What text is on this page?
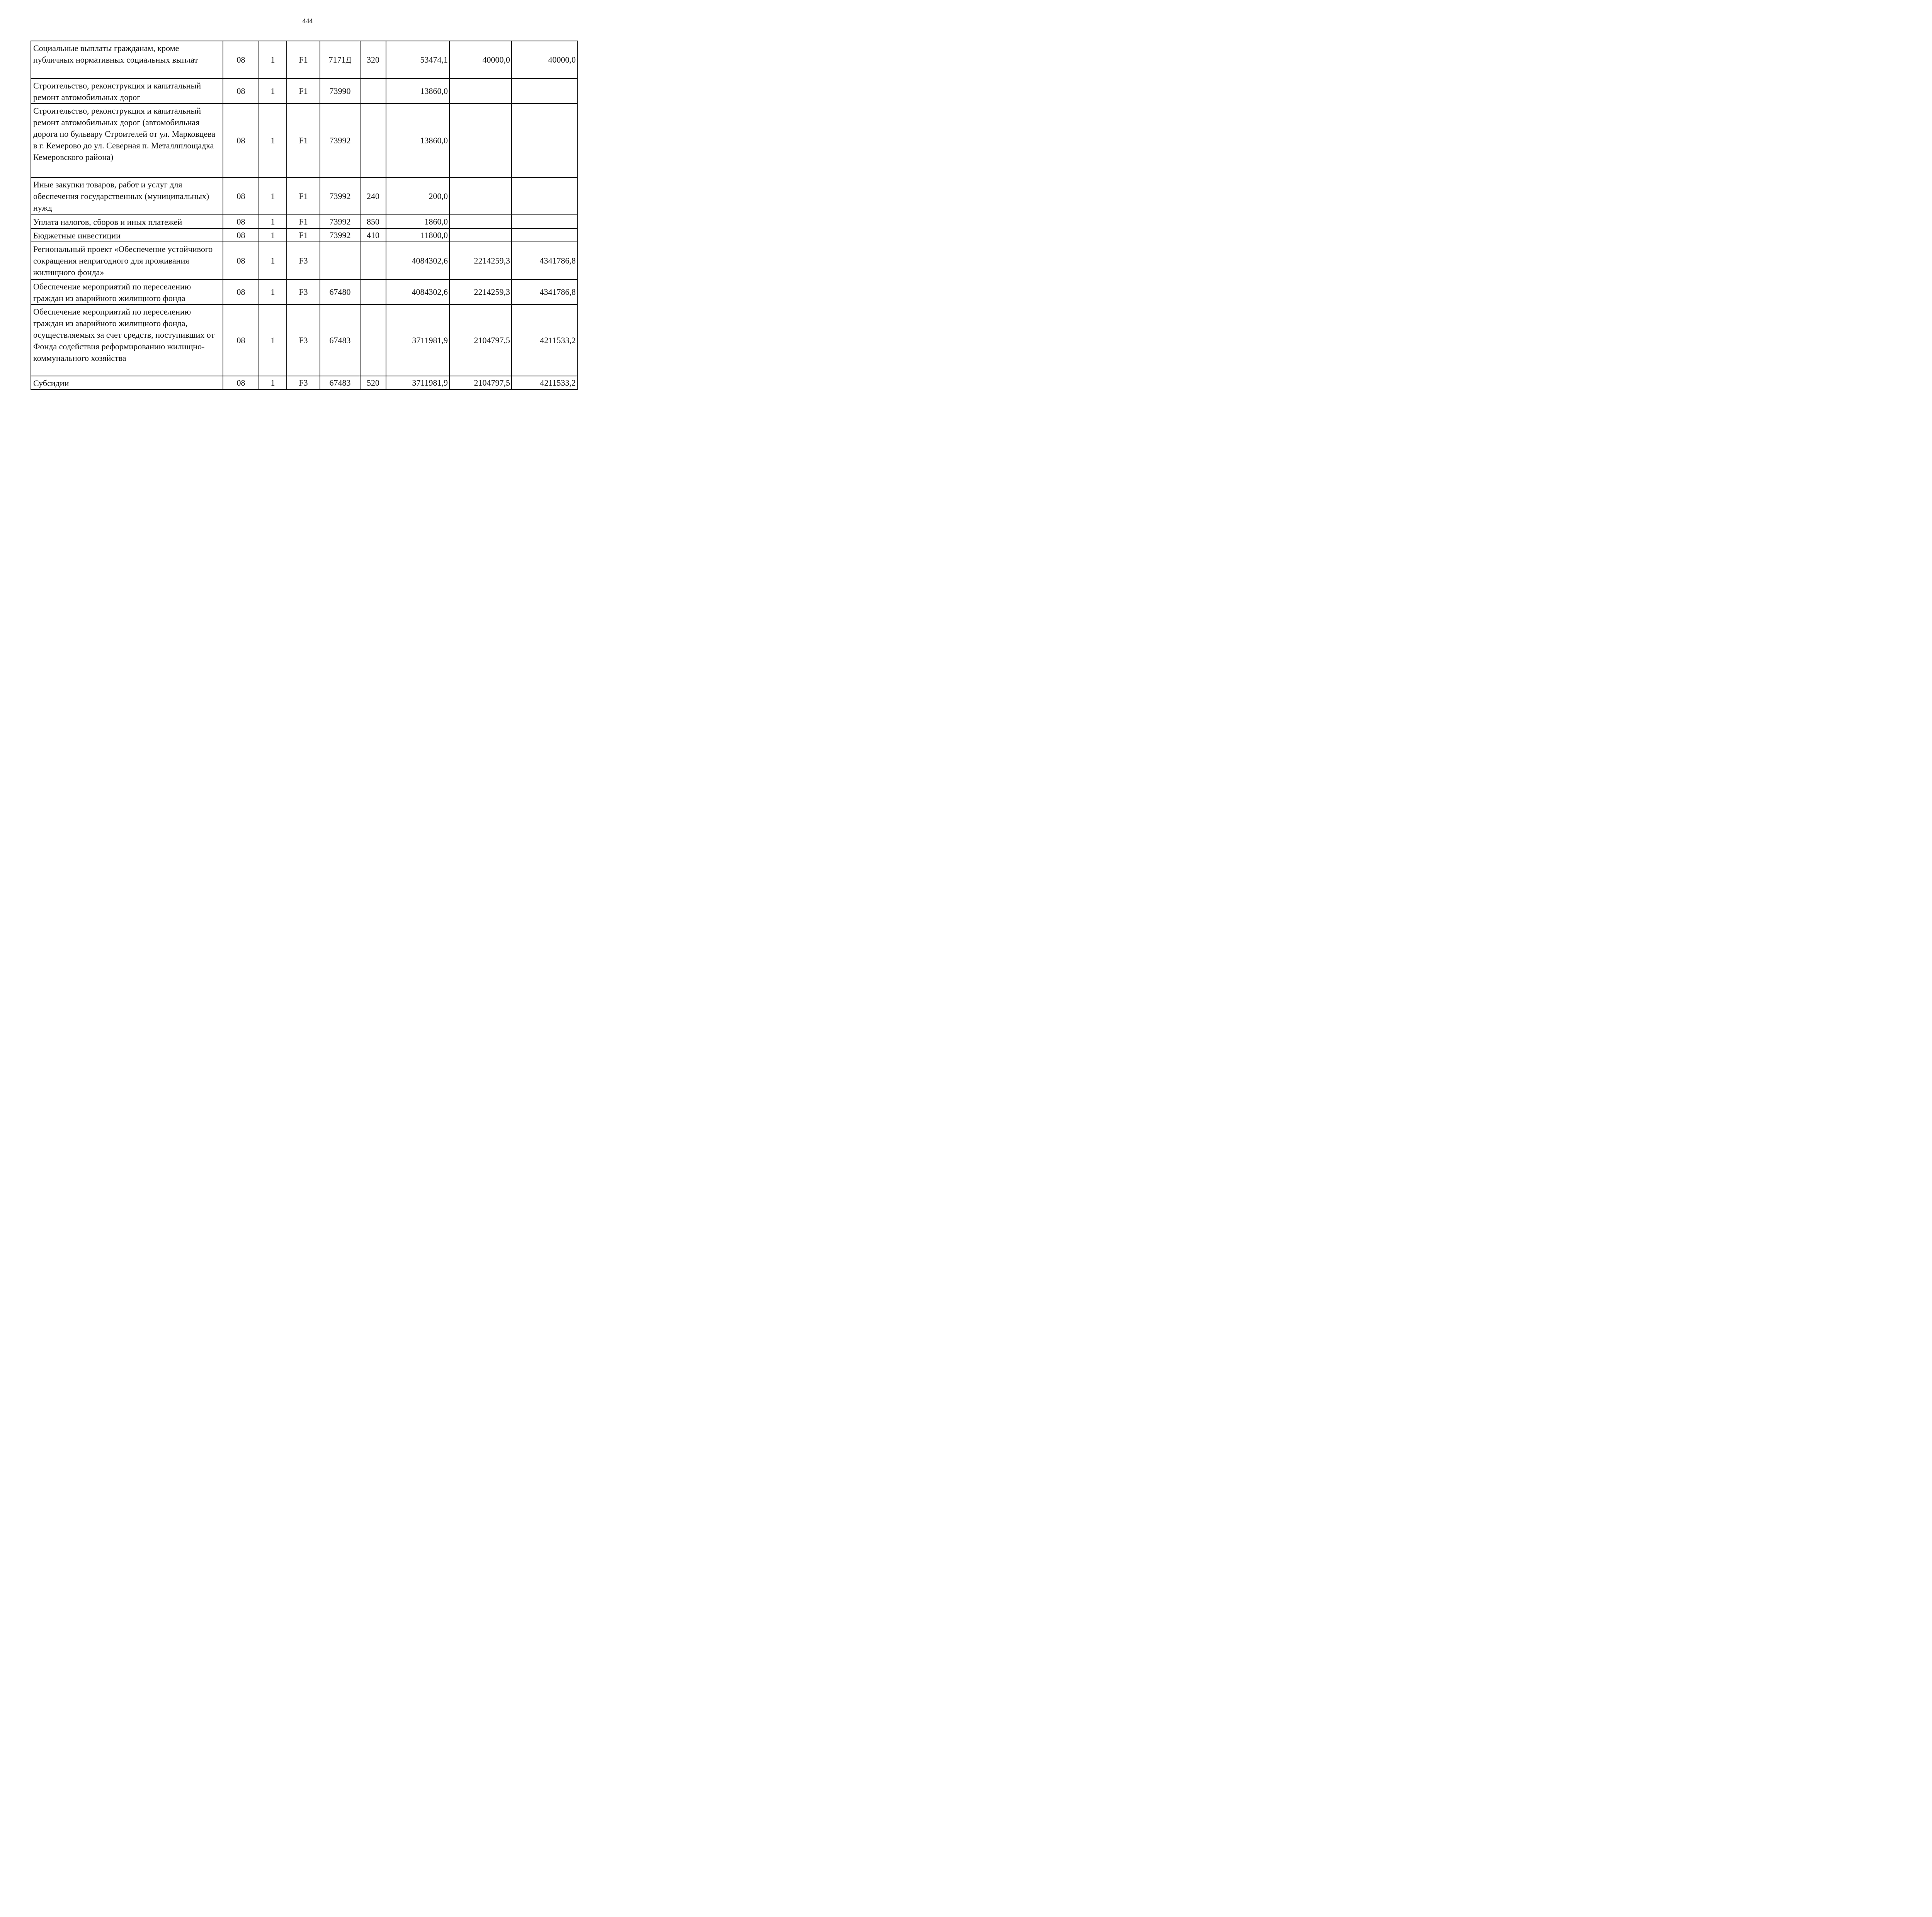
444
Социальные выплаты гражданам, кроме публичных нормативных социальных выплат	08	1	F1	7171Д	320	53474,1	40000,0	40000,0
Строительство, реконструкция и капитальный ремонт автомобильных дорог	08	1	F1	73990		13860,0		
Строительство, реконструкция и капитальный ремонт автомобильных дорог (автомобильная дорога по бульвару Строителей от ул. Марковцева в г. Кемерово до ул. Северная п. Металлплощадка Кемеровского района)	08	1	F1	73992		13860,0		
Иные закупки товаров, работ и услуг для обеспечения государственных (муниципальных) нужд	08	1	F1	73992	240	200,0		
Уплата налогов, сборов и иных платежей	08	1	F1	73992	850	1860,0		
Бюджетные инвестиции	08	1	F1	73992	410	11800,0		
Региональный проект «Обеспечение устойчивого сокращения непригодного для проживания жилищного фонда»	08	1	F3			4084302,6	2214259,3	4341786,8
Обеспечение мероприятий по переселению граждан из аварийного жилищного фонда	08	1	F3	67480		4084302,6	2214259,3	4341786,8
Обеспечение мероприятий по переселению граждан из аварийного жилищного фонда, осуществляемых за счет средств, поступивших от Фонда содействия реформированию жилищно-коммунального хозяйства	08	1	F3	67483		3711981,9	2104797,5	4211533,2
Субсидии	08	1	F3	67483	520	3711981,9	2104797,5	4211533,2
